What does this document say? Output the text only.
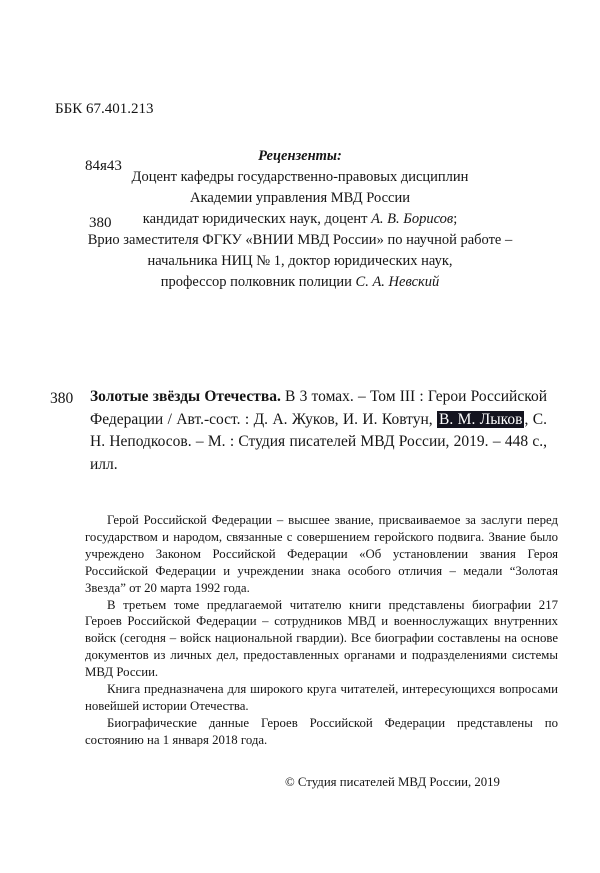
ББК 67.401.213

84я43

380

Рецензенты:
Доцент кафедры государственно-правовых дисциплин
Академии управления МВД России
кандидат юридических наук, доцент А. В. Борисов;
Врио заместителя ФГКУ «ВНИИ МВД России» по научной работе –
начальника НИЦ № 1, доктор юридических наук,
профессор полковник полиции С. А. Невский
380 Золотые звёзды Отечества. В 3 томах. – Том III : Герои Российской Федерации / Авт.-сост. : Д. А. Жуков, И. И. Ковтун, В. М. Лыков , С. Н. Неподкосов. – М. : Студия писателей МВД России, 2019. – 448 с., илл.

Герой Российской Федерации – высшее звание, присваиваемое за заслуги перед государством и народом, связанные с совершением геройского подвига. Звание было учреждено Законом Российской Федерации «Об установлении звания Героя Российской Федерации и учреждении знака особого отличия – медали “Золотая Звезда” от 20 марта 1992 года.

В третьем томе предлагаемой читателю книги представлены биографии 217 Героев Российской Федерации – сотрудников МВД и военнослужащих внутренних войск (сегодня – войск национальной гвардии). Все биографии составлены на основе документов из личных дел, предоставленных органами и подразделениями системы МВД России.

Книга предназначена для широкого круга читателей, интересующихся вопросами новейшей истории Отечества.

Биографические данные Героев Российской Федерации представлены по состоянию на 1 января 2018 года.

© Студия писателей МВД России, 2019
